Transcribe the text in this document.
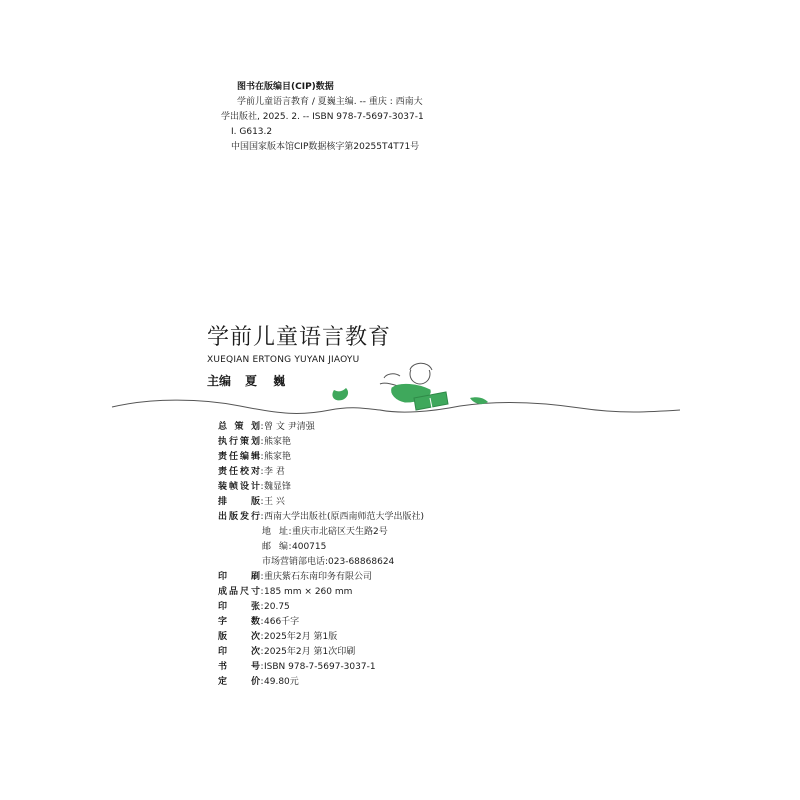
图书在版编目(CIP)数据
学前儿童语言教育 / 夏巍主编. -- 重庆 : 西南大
学出版社, 2025. 2. -- ISBN 978-7-5697-3037-1
Ⅰ. G613.2
中国国家版本馆CIP数据核字第20255T4T71号
学前儿童语言教育
XUEQIAN ERTONG YUYAN JIAOYU
主编 夏 巍
总策划 : 曾 文 尹清强
执行策划 : 熊家艳
责任编辑 : 熊家艳
责任校对 : 李 君
装帧设计 : 魏显锋
排版 : 王 兴
出版发行 : 西南大学出版社(原西南师范大学出版社)
地址 : 重庆市北碚区天生路2号
邮编 : 400715
市场营销部电话:023-68868624
印刷 : 重庆紫石东南印务有限公司
成品尺寸 : 185 mm × 260 mm
印张 : 20.75
字数 : 466千字
版次 : 2025年2月 第1版
印次 : 2025年2月 第1次印刷
书号 : ISBN 978-7-5697-3037-1
定价 : 49.80元
